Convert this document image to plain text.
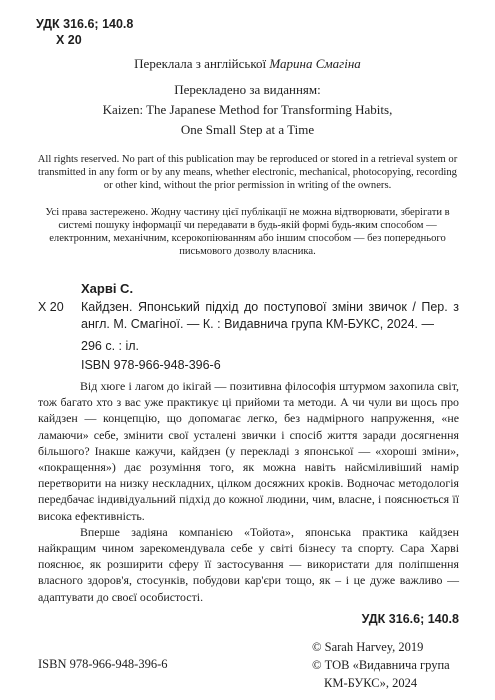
УДК 316.6; 140.8
Х 20
Переклала з англійської Марина Смагіна
Перекладено за виданням:
Kaizen: The Japanese Method for Transforming Habits,
One Small Step at a Time
All rights reserved. No part of this publication may be reproduced or stored in a retrieval system or transmitted in any form or by any means, whether electronic, mechanical, photocopying, recording or other kind, without the prior permission in writing of the owners.
Усі права застережено. Жодну частину цієї публікації не можна відтворювати, зберігати в системі пошуку інформації чи передавати в будь-якій формі будь-яким способом — електронним, механічним, ксерокопіюванням або іншим способом — без попереднього письмового дозволу власника.
Харві С.
Х 20 Кайдзен. Японський підхід до поступової зміни звичок / Пер. з англ. М. Смагіної. — К. : Видавнича група КМ-БУКС, 2024. —
296 с. : іл.
ISBN 978-966-948-396-6

Від хюге і лагом до ікігай — позитивна філософія штурмом захопила світ, тож багато хто з вас уже практикує ці прийоми та методи. А чи чули ви щось про кайдзен — концепцію, що допомагає легко, без надмірного напруження, «не ламаючи» себе, змінити свої усталені звички і спосіб життя заради досягнення більшого? Інакше кажучи, кайдзен (у перекладі з японської — «хороші зміни», «покращення») дає розуміння того, як можна навіть найсміливіший намір перетворити на низку нескладних, цілком досяжних кроків. Водночас методологія передбачає індивідуальний підхід до кожної людини, чим, власне, і пояснюється її висока ефективність.

Вперше задіяна компанією «Тойота», японська практика кайдзен найкращим чином зарекомендувала себе у світі бізнесу та спорту. Сара Харві пояснює, як розширити сферу її застосування — використати для поліпшення власного здоров'я, стосунків, побудови кар'єри тощо, як – і це дуже важливо — адаптувати до своєї особистості.

УДК 316.6; 140.8
© Sarah Harvey, 2019
© ТОВ «Видавнича група
КМ-БУКС», 2024
ISBN 978-966-948-396-6
